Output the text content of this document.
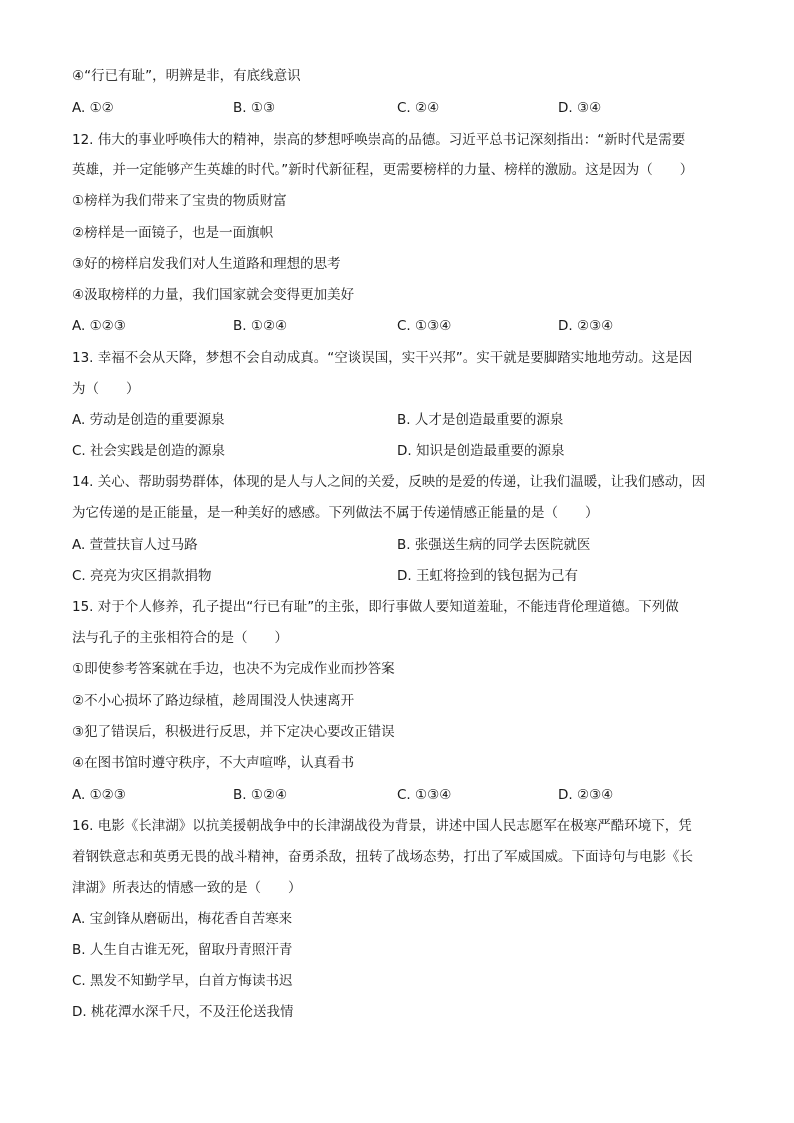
④“行已有耻”，明辨是非，有底线意识
A. ①②	B. ①③	C. ②④	D. ③④
12. 伟大的事业呼唤伟大的精神，崇高的梦想呼唤崇高的品德。习近平总书记深刻指出：“新时代是需要
英雄，并一定能够产生英雄的时代。”新时代新征程，更需要榜样的力量、榜样的激励。这是因为（　　）
①榜样为我们带来了宝贵的物质财富
②榜样是一面镜子，也是一面旗帜
③好的榜样启发我们对人生道路和理想的思考
④汲取榜样的力量，我们国家就会变得更加美好
A. ①②③	B. ①②④	C. ①③④	D. ②③④
13. 幸福不会从天降，梦想不会自动成真。“空谈误国，实干兴邦”。实干就是要脚踏实地地劳动。这是因
为（　　）
A. 劳动是创造的重要源泉	B. 人才是创造最重要的源泉
C. 社会实践是创造的源泉	D. 知识是创造最重要的源泉
14. 关心、帮助弱势群体，体现的是人与人之间的关爱，反映的是爱的传递，让我们温暖，让我们感动，因
为它传递的是正能量，是一种美好的感感。下列做法不属于传递情感正能量的是（　　）
A. 萱萱扶盲人过马路	B. 张强送生病的同学去医院就医
C. 亮亮为灾区捐款捐物	D. 王虹将捡到的钱包据为己有
15. 对于个人修养，孔子提出“行已有耻”的主张，即行事做人要知道羞耻，不能违背伦理道德。下列做
法与孔子的主张相符合的是（　　）
①即使参考答案就在手边，也决不为完成作业而抄答案
②不小心损坏了路边绿植，趁周围没人快速离开
③犯了错误后，积极进行反思，并下定决心要改正错误
④在图书馆时遵守秩序，不大声喧哗，认真看书
A. ①②③	B. ①②④	C. ①③④	D. ②③④
16. 电影《长津湖》以抗美援朝战争中的长津湖战役为背景，讲述中国人民志愿军在极寒严酷环境下，凭
着钢铁意志和英勇无畏的战斗精神，奋勇杀敌，扭转了战场态势，打出了军威国威。下面诗句与电影《长
津湖》所表达的情感一致的是（　　）
A. 宝剑锋从磨砺出，梅花香自苦寒来
B. 人生自古谁无死，留取丹青照汗青
C. 黑发不知勤学早，白首方悔读书迟
D. 桃花潭水深千尺，不及汪伦送我情
